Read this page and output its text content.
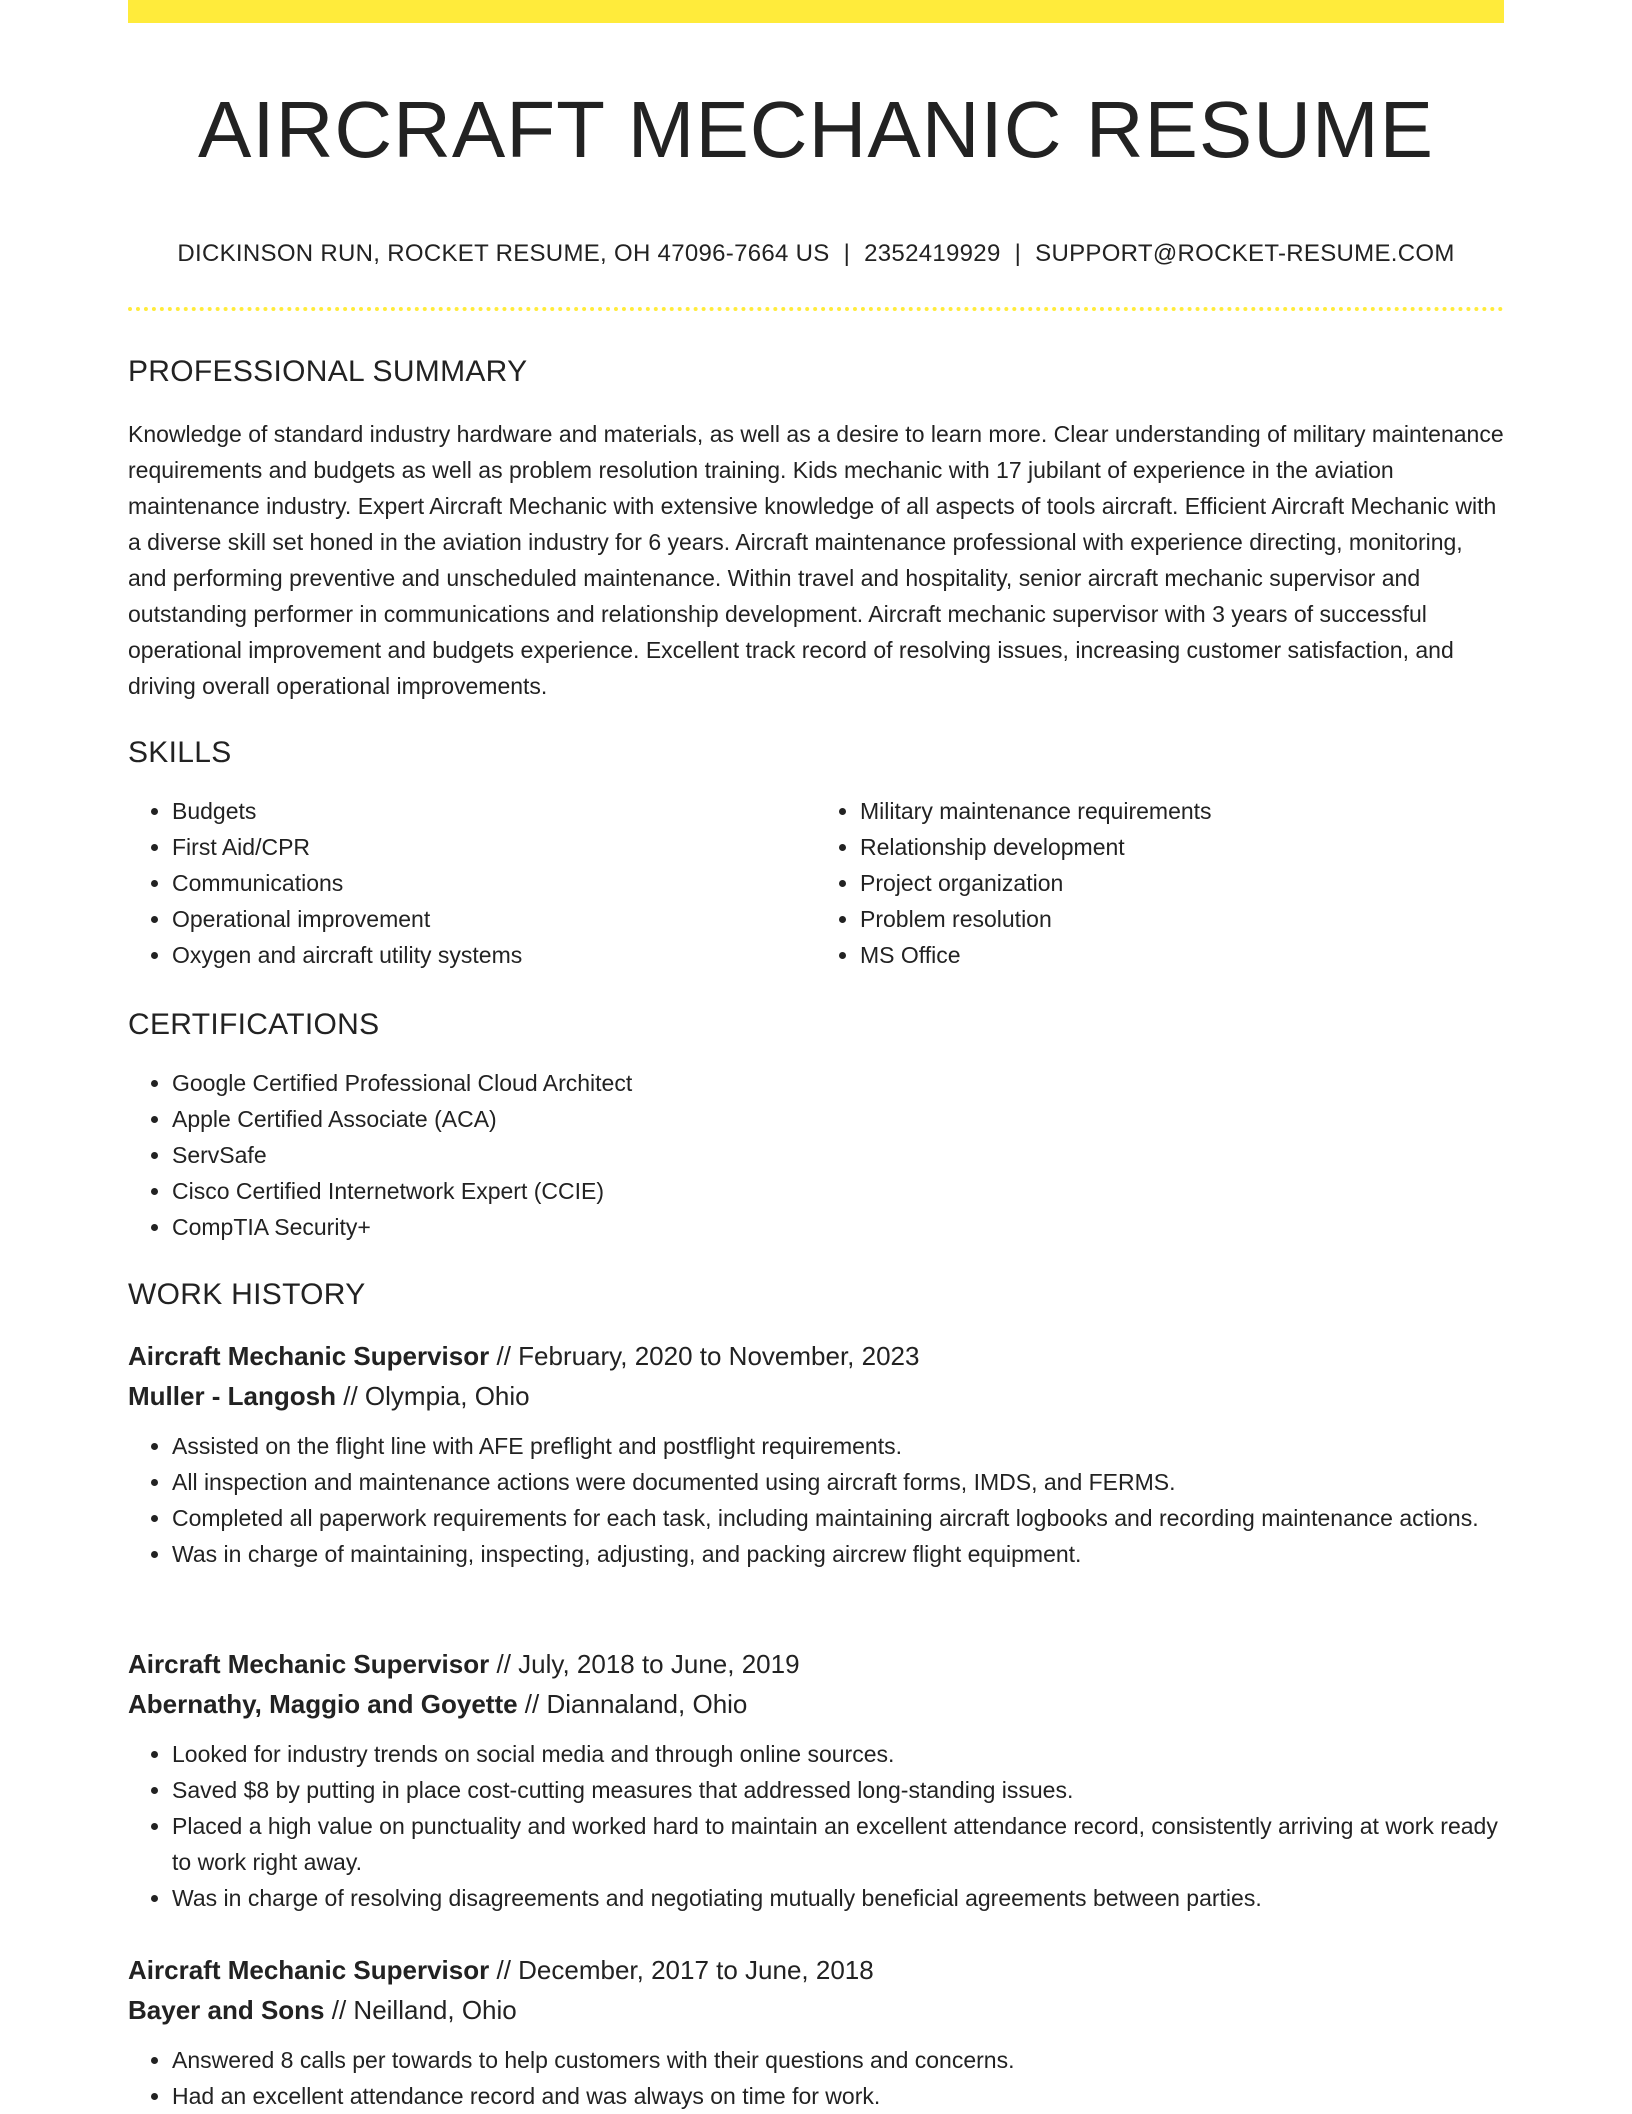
AIRCRAFT MECHANIC RESUME
DICKINSON RUN, ROCKET RESUME, OH 47096-7664 US | 2352419929 | SUPPORT@ROCKET-RESUME.COM
PROFESSIONAL SUMMARY

Knowledge of standard industry hardware and materials, as well as a desire to learn more. Clear understanding of military maintenance requirements and budgets as well as problem resolution training. Kids mechanic with 17 jubilant of experience in the aviation maintenance industry. Expert Aircraft Mechanic with extensive knowledge of all aspects of tools aircraft. Efficient Aircraft Mechanic with a diverse skill set honed in the aviation industry for 6 years. Aircraft maintenance professional with experience directing, monitoring, and performing preventive and unscheduled maintenance. Within travel and hospitality, senior aircraft mechanic supervisor and outstanding performer in communications and relationship development. Aircraft mechanic supervisor with 3 years of successful operational improvement and budgets experience. Excellent track record of resolving issues, increasing customer satisfaction, and driving overall operational improvements.

SKILLS
• Budgets
• First Aid/CPR
• Communications
• Operational improvement
• Oxygen and aircraft utility systems
• Military maintenance requirements
• Relationship development
• Project organization
• Problem resolution
• MS Office
CERTIFICATIONS
• Google Certified Professional Cloud Architect
• Apple Certified Associate (ACA)
• ServSafe
• Cisco Certified Internetwork Expert (CCIE)
• CompTIA Security+
WORK HISTORY
Aircraft Mechanic Supervisor // February, 2020 to November, 2023
Muller - Langosh // Olympia, Ohio
• Assisted on the flight line with AFE preflight and postflight requirements.
• All inspection and maintenance actions were documented using aircraft forms, IMDS, and FERMS.
• Completed all paperwork requirements for each task, including maintaining aircraft logbooks and recording maintenance actions.
• Was in charge of maintaining, inspecting, adjusting, and packing aircrew flight equipment.
Aircraft Mechanic Supervisor // July, 2018 to June, 2019
Abernathy, Maggio and Goyette // Diannaland, Ohio
• Looked for industry trends on social media and through online sources.
• Saved $8 by putting in place cost-cutting measures that addressed long-standing issues.
• Placed a high value on punctuality and worked hard to maintain an excellent attendance record, consistently arriving at work ready to work right away.
• Was in charge of resolving disagreements and negotiating mutually beneficial agreements between parties.
Aircraft Mechanic Supervisor // December, 2017 to June, 2018
Bayer and Sons // Neilland, Ohio
• Answered 8 calls per towards to help customers with their questions and concerns.
• Had an excellent attendance record and was always on time for work.
